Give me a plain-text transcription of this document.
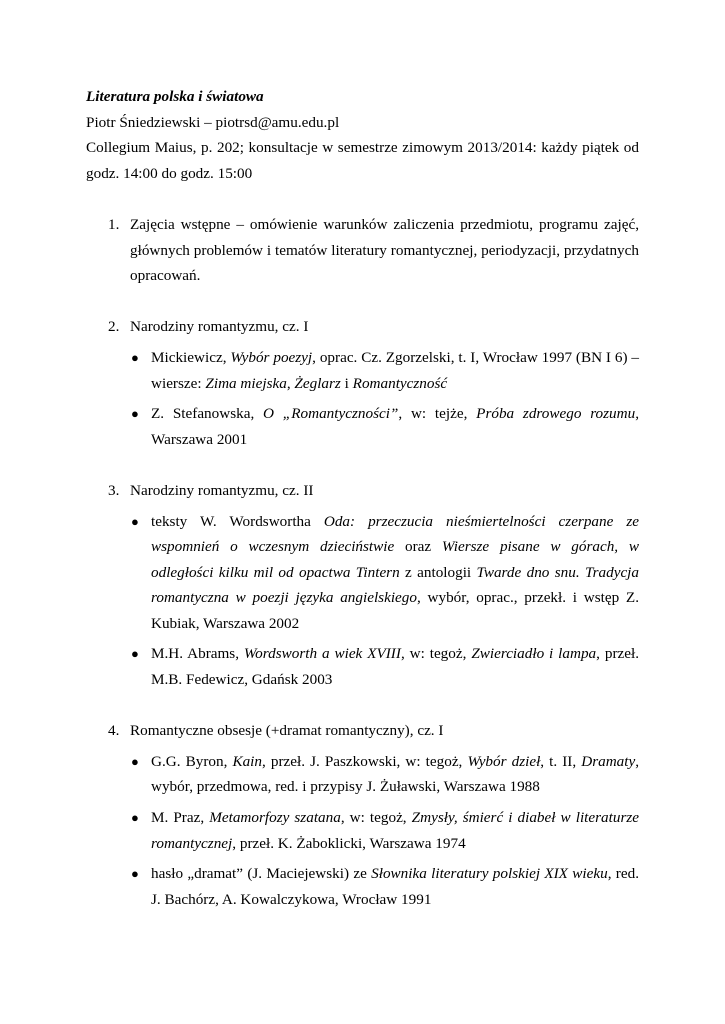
Literatura polska i światowa

Piotr Śniedziewski – piotrsd@amu.edu.pl

Collegium Maius, p. 202; konsultacje w semestrze zimowym 2013/2014: każdy piątek od godz. 14:00 do godz. 15:00

1. Zajęcia wstępne – omówienie warunków zaliczenia przedmiotu, programu zajęć, głównych problemów i tematów literatury romantycznej, periodyzacji, przydatnych opracowań.
2. Narodziny romantyzmu, cz. I
● Mickiewicz, Wybór poezyj, oprac. Cz. Zgorzelski, t. I, Wrocław 1997 (BN I 6) – wiersze: Zima miejska, Żeglarz i Romantyczność
● Z. Stefanowska, O „Romantyczności”, w: tejże, Próba zdrowego rozumu, Warszawa 2001
3. Narodziny romantyzmu, cz. II
● teksty W. Wordswortha Oda: przeczucia nieśmiertelności czerpane ze wspomnień o wczesnym dzieciństwie oraz Wiersze pisane w górach, w odległości kilku mil od opactwa Tintern z antologii Twarde dno snu. Tradycja romantyczna w poezji języka angielskiego, wybór, oprac., przekł. i wstęp Z. Kubiak, Warszawa 2002
● M.H. Abrams, Wordsworth a wiek XVIII, w: tegoż, Zwierciadło i lampa, przeł. M.B. Fedewicz, Gdańsk 2003
4. Romantyczne obsesje (+dramat romantyczny), cz. I
● G.G. Byron, Kain, przeł. J. Paszkowski, w: tegoż, Wybór dzieł, t. II, Dramaty, wybór, przedmowa, red. i przypisy J. Żuławski, Warszawa 1988
● M. Praz, Metamorfozy szatana, w: tegoż, Zmysły, śmierć i diabeł w literaturze romantycznej, przeł. K. Żaboklicki, Warszawa 1974
● hasło „dramat” (J. Maciejewski) ze Słownika literatury polskiej XIX wieku, red. J. Bachórz, A. Kowalczykowa, Wrocław 1991
